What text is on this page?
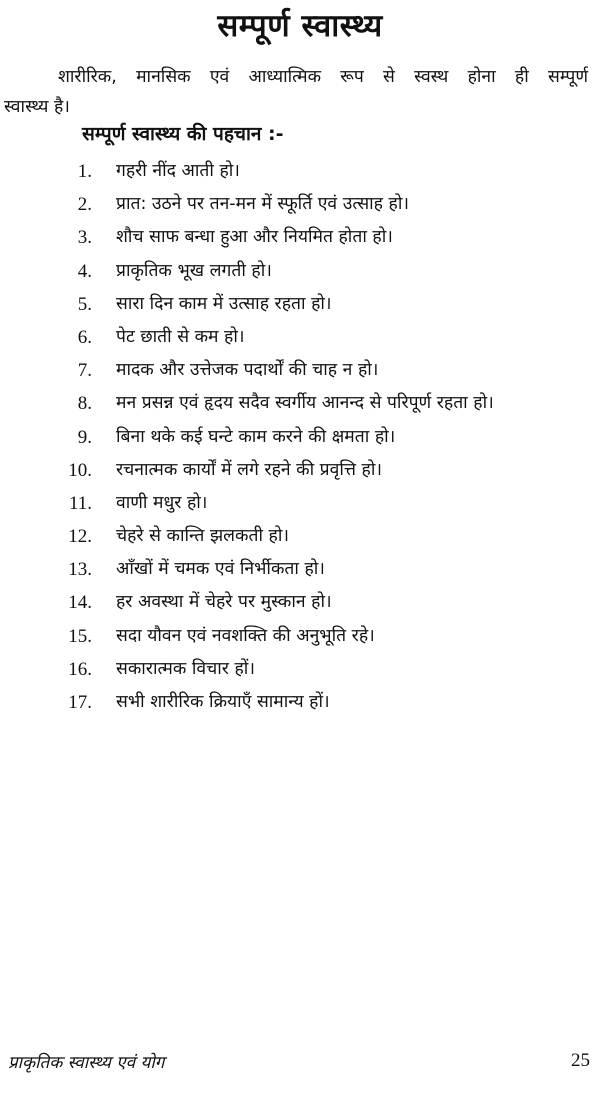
सम्पूर्ण स्वास्थ्य

शारीरिक, मानसिक एवं आध्यात्मिक रूप से स्वस्थ होना ही सम्पूर्ण
स्वास्थ्य है।

सम्पूर्ण स्वास्थ्य की पहचान :-
1. गहरी नींद आती हो।
2. प्रात: उठने पर तन-मन में स्फूर्ति एवं उत्साह हो।
3. शौच साफ बन्धा हुआ और नियमित होता हो।
4. प्राकृतिक भूख लगती हो।
5. सारा दिन काम में उत्साह रहता हो।
6. पेट छाती से कम हो।
7. मादक और उत्तेजक पदार्थों की चाह न हो।
8. मन प्रसन्न एवं हृदय सदैव स्वर्गीय आनन्द से परिपूर्ण रहता हो।
9. बिना थके कई घन्टे काम करने की क्षमता हो।
10. रचनात्मक कार्यों में लगे रहने की प्रवृत्ति हो।
11. वाणी मधुर हो।
12. चेहरे से कान्ति झलकती हो।
13. आँखों में चमक एवं निर्भीकता हो।
14. हर अवस्था में चेहरे पर मुस्कान हो।
15. सदा यौवन एवं नवशक्ति की अनुभूति रहे।
16. सकारात्मक विचार हों।
17. सभी शारीरिक क्रियाएँ सामान्य हों।
प्राकृतिक स्वास्थ्य एवं योग	25
